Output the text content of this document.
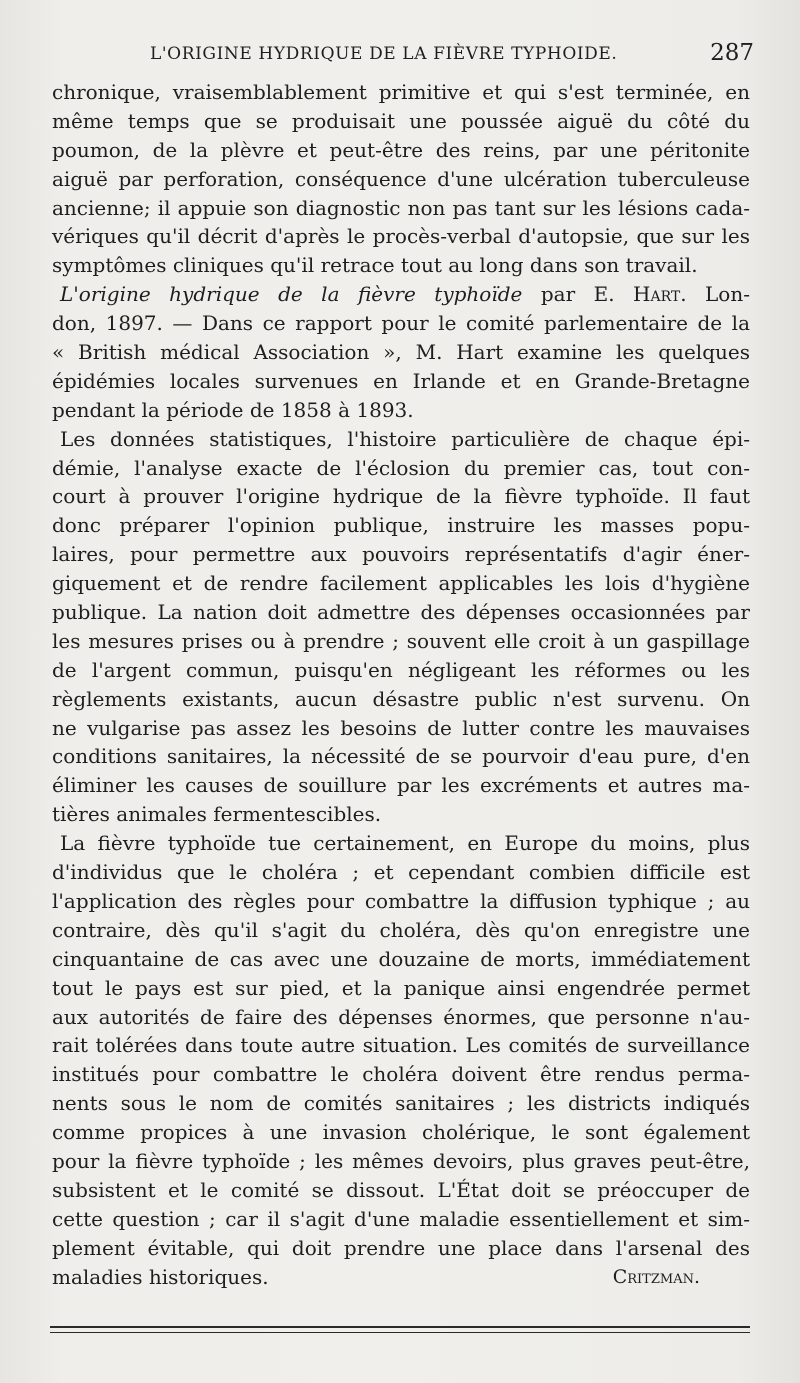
L'ORIGINE HYDRIQUE DE LA FIÈVRE TYPHOIDE.	287
chronique, vraisemblablement primitive et qui s'est terminée, en
même temps que se produisait une poussée aiguë du côté du
poumon, de la plèvre et peut-être des reins, par une péritonite
aiguë par perforation, conséquence d'une ulcération tuberculeuse
ancienne; il appuie son diagnostic non pas tant sur les lésions cada-
vériques qu'il décrit d'après le procès-verbal d'autopsie, que sur les
symptômes cliniques qu'il retrace tout au long dans son travail.
L'origine hydrique de la fièvre typhoïde par E. Hart. Lon-
don, 1897. — Dans ce rapport pour le comité parlementaire de la
« British médical Association », M. Hart examine les quelques
épidémies locales survenues en Irlande et en Grande-Bretagne
pendant la période de 1858 à 1893.
Les données statistiques, l'histoire particulière de chaque épi-
démie, l'analyse exacte de l'éclosion du premier cas, tout con-
court à prouver l'origine hydrique de la fièvre typhoïde. Il faut
donc préparer l'opinion publique, instruire les masses popu-
laires, pour permettre aux pouvoirs représentatifs d'agir éner-
giquement et de rendre facilement applicables les lois d'hygiène
publique. La nation doit admettre des dépenses occasionnées par
les mesures prises ou à prendre ; souvent elle croit à un gaspillage
de l'argent commun, puisqu'en négligeant les réformes ou les
règlements existants, aucun désastre public n'est survenu. On
ne vulgarise pas assez les besoins de lutter contre les mauvaises
conditions sanitaires, la nécessité de se pourvoir d'eau pure, d'en
éliminer les causes de souillure par les excréments et autres ma-
tières animales fermentescibles.
La fièvre typhoïde tue certainement, en Europe du moins, plus
d'individus que le choléra ; et cependant combien difficile est
l'application des règles pour combattre la diffusion typhique ; au
contraire, dès qu'il s'agit du choléra, dès qu'on enregistre une
cinquantaine de cas avec une douzaine de morts, immédiatement
tout le pays est sur pied, et la panique ainsi engendrée permet
aux autorités de faire des dépenses énormes, que personne n'au-
rait tolérées dans toute autre situation. Les comités de surveillance
institués pour combattre le choléra doivent être rendus perma-
nents sous le nom de comités sanitaires ; les districts indiqués
comme propices à une invasion cholérique, le sont également
pour la fièvre typhoïde ; les mêmes devoirs, plus graves peut-être,
subsistent et le comité se dissout. L'État doit se préoccuper de
cette question ; car il s'agit d'une maladie essentiellement et sim-
plement évitable, qui doit prendre une place dans l'arsenal des
maladies historiques.	Critzman.
